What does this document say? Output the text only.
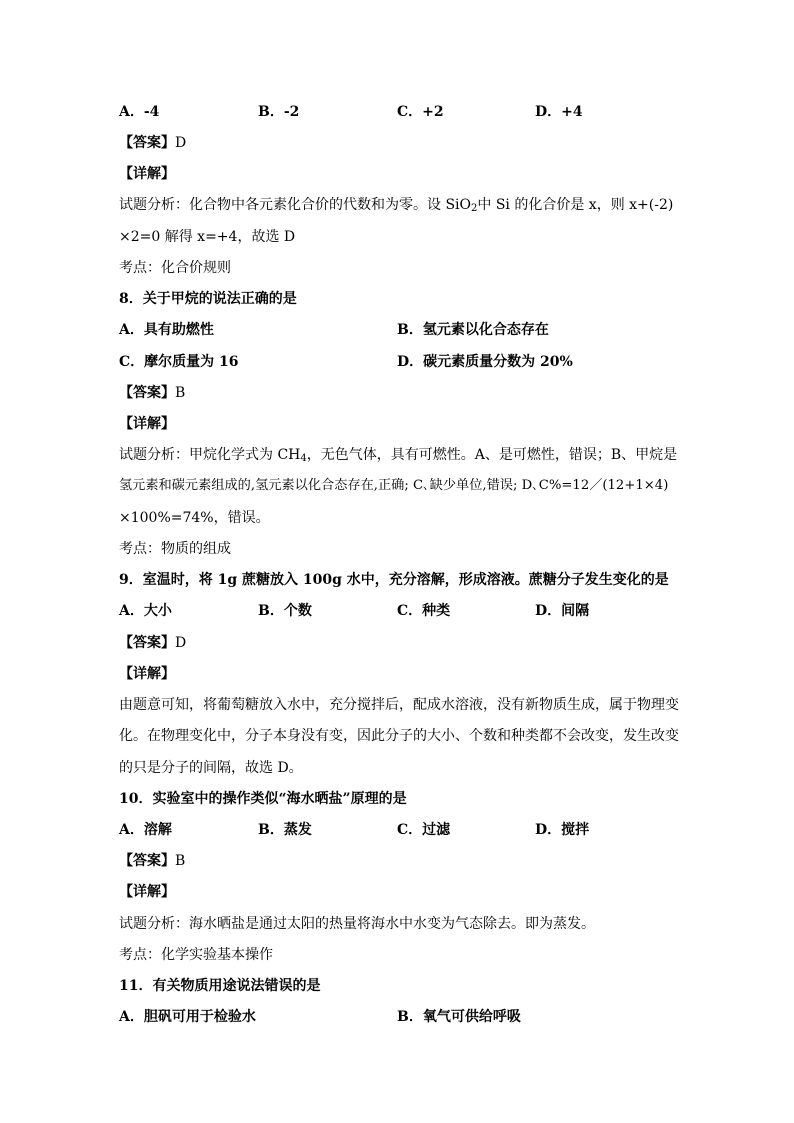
A．-4	B．-2	C．+2	D．+4
【答案】D
【详解】
试题分析：化合物中各元素化合价的代数和为零。设 SiO$_2$中 Si 的化合价是 x，则 x+(-2)
×2=0 解得 x=+4，故选 D
考点：化合价规则
8．关于甲烷的说法正确的是
A．具有助燃性	B．氢元素以化合态存在
C．摩尔质量为 16	D．碳元素质量分数为 20%
【答案】B
【详解】
试题分析：甲烷化学式为 $CH_4$，无色气体，具有可燃性。A、是可燃性，错误；B、甲烷是
氢元素和碳元素组成的,氢元素以化合态存在,正确; C､缺少单位,错误; D､C%=12／(12+1×4)
×100%=74%，错误。
考点：物质的组成
9．室温时，将 1g 蔗糖放入 100g 水中，充分溶解，形成溶液。蔗糖分子发生变化的是
A．大小	B．个数	C．种类	D．间隔
【答案】D
【详解】
由题意可知，将葡萄糖放入水中，充分搅拌后，配成水溶液，没有新物质生成，属于物理变
化。在物理变化中，分子本身没有变，因此分子的大小、个数和种类都不会改变，发生改变
的只是分子的间隔，故选 D。
10．实验室中的操作类似“海水晒盐”原理的是
A．溶解	B．蒸发	C．过滤	D．搅拌
【答案】B
【详解】
试题分析：海水晒盐是通过太阳的热量将海水中水变为气态除去。即为蒸发。
考点：化学实验基本操作
11．有关物质用途说法错误的是
A．胆矾可用于检验水	B．氧气可供给呼吸
